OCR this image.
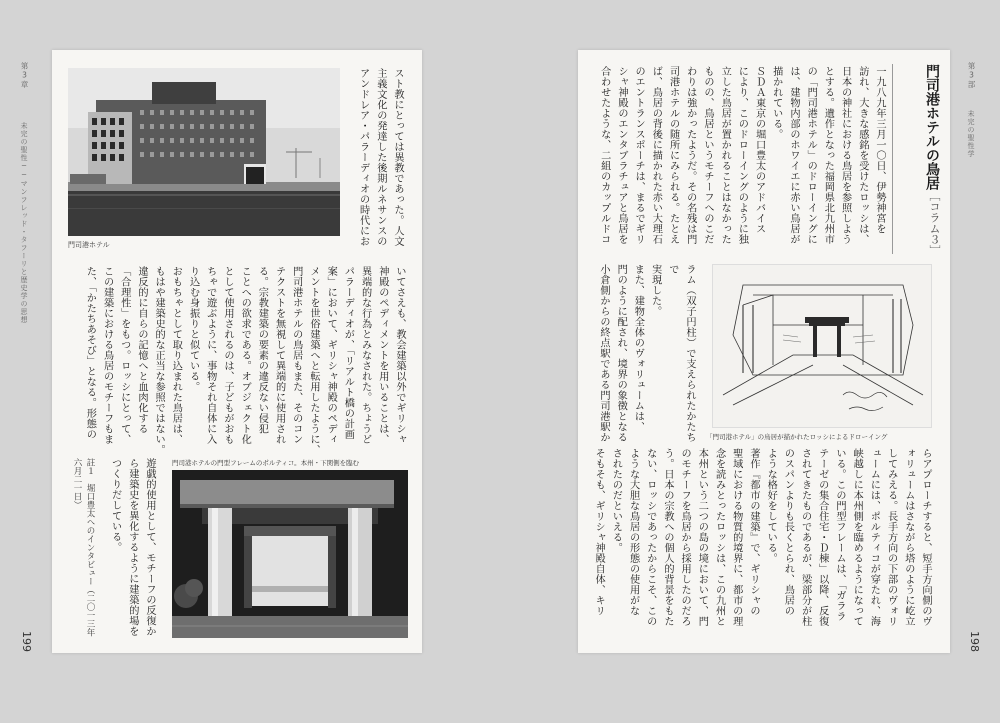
第3章
未完の聖性──マンフレッド・タフーリと歴史学の思想	門司港ホテル	スト教にとっては異教であった。人文

主義文化の発達した後期ルネサンスの

アンドレア・パラーディオの時代にお

いてさえも、教会建築以外でギリシャ

神殿のペディメントを用いることは、

異端的な行為とみなされた。ちょうど

パラーディオが、「リアルト橋の計画

案」において、ギリシャ神殿のペディ

メントを世俗建築へと転用したように、

門司港ホテルの鳥居もまた、そのコン

テクストを無視して異端的に使用され

る。宗教建築の要素の違反ない侵犯

ことへの欲求である。オブジェクト化

として使用されるのは、子どもがおも

ちゃで遊ぶように、事物それ自体に入

り込む身振りと似ている。

おもちゃとして取り込まれた鳥居は、

もはや建築史的な正当な参照ではない。

違反的に自らの記憶へと血肉化する

「合理性」をもつ。ロッシにとって、

この建築における鳥居のモチーフもま

た、「かたちあそび」となる。形態の

門司港ホテルの門型フレームのポルティコ。本州・下関側を臨む

遊戯的使用として、モチーフの反復か

ら建築史を異化するように建築的場を

つくりだしている。

註１　堀口豊太へのインタビュー（二〇一三年六月二一日）
199
第3部
未完の聖性学
門司港ホテルの鳥居
［コラム３］

一九八九年三月一〇日、伊勢神宮を

訪れ、大きな感銘を受けたロッシは、

日本の神社における鳥居を参照しよう

とする。遺作となった福岡県北九州市

の「門司港ホテル」のドローイングに

は、建物内部のホワイエに赤い鳥居が

描かれている。

ＳＤＡ東京の堀口豊太のアドバイス

により、このドローイングのように独

立した鳥居が置かれることはなかった

ものの、鳥居というモチーフへのこだ

わりは強かったようだ。その名残は門

司港ホテルの随所にみられる。たとえ

ば、鳥居の背後に描かれた赤い大理石

のエントランスポーチは、まるでギリ

シャ神殿のエンタブラチュアと鳥居を

合わせたような、二組のカップルドコ

「門司港ホテル」の鳥居が描かれたロッシによるドローイング

ラム（双子円柱）で支えられたかたちで

実現した。

また、建物全体のヴォリュームは、

門のように配され、境界の象徴となる

小倉側からの終点駅である門司港駅か

らアプローチすると、短手方向側のヴ

ォリュームはさながら塔のように屹立

してみえる。長手方向の下部のヴォリ

ュームには、ポルティコが穿たれ、海

峡越しに本州側を臨めるようになって

いる。この門型フレームは、「ガララ

テーゼの集合住宅・Ｄ棟」以降、反復

されてきたものであるが、梁部分が柱

のスパンよりも長くとられ、鳥居の

ような格好をしている。

著作『都市の建築』で、ギリシャの

聖域における物質的境界に、都市の理

念を読みとったロッシは、この九州と

本州という二つの島の境において、門

のモチーフを鳥居から採用したのだろ

う。日本の宗教への個人的背景をもた

ない、ロッシであったからこそ、この

ような大胆な鳥居の形態の使用がな

されたのだといえる。

そもそも、ギリシャ神殿自体、キリ

198
